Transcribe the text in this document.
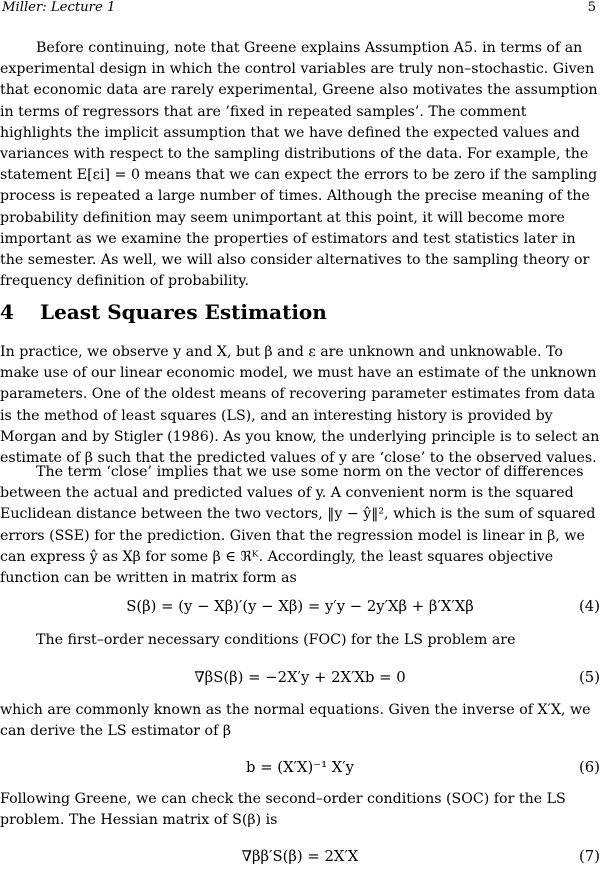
Miller: Lecture 1	5

Before continuing, note that Greene explains Assumption A5. in terms of an experimental design in which the control variables are truly non–stochastic. Given that economic data are rarely experimental, Greene also motivates the assumption in terms of regressors that are ’fixed in repeated samples’. The comment highlights the implicit assumption that we have defined the expected values and variances with respect to the sampling distributions of the data. For example, the statement E[εi] = 0 means that we can expect the errors to be zero if the sampling process is repeated a large number of times. Although the precise meaning of the probability definition may seem unimportant at this point, it will become more important as we examine the properties of estimators and test statistics later in the semester. As well, we will also consider alternatives to the sampling theory or frequency definition of probability.

4 Least Squares Estimation

In practice, we observe y and X, but β and ε are unknown and unknowable. To make use of our linear economic model, we must have an estimate of the unknown parameters. One of the oldest means of recovering parameter estimates from data is the method of least squares (LS), and an interesting history is provided by Morgan and by Stigler (1986). As you know, the underlying principle is to select an estimate of β such that the predicted values of y are ‘close’ to the observed values.

The term ‘close’ implies that we use some norm on the vector of differences between the actual and predicted values of y. A convenient norm is the squared Euclidean distance between the two vectors, ‖y − ŷ‖², which is the sum of squared errors (SSE) for the prediction. Given that the regression model is linear in β, we can express ŷ as Xβ for some β ∈ ℜᴷ. Accordingly, the least squares objective function can be written in matrix form as

S(β) = (y − Xβ)′(y − Xβ) = y′y − 2y′Xβ + β′X′Xβ	(4)

The first–order necessary conditions (FOC) for the LS problem are

∇βS(β) = −2X′y + 2X′Xb = 0	(5)

which are commonly known as the normal equations. Given the inverse of X′X, we can derive the LS estimator of β

b = (X′X)⁻¹ X′y	(6)

Following Greene, we can check the second–order conditions (SOC) for the LS problem. The Hessian matrix of S(β) is

∇ββ′S(β) = 2X′X	(7)
